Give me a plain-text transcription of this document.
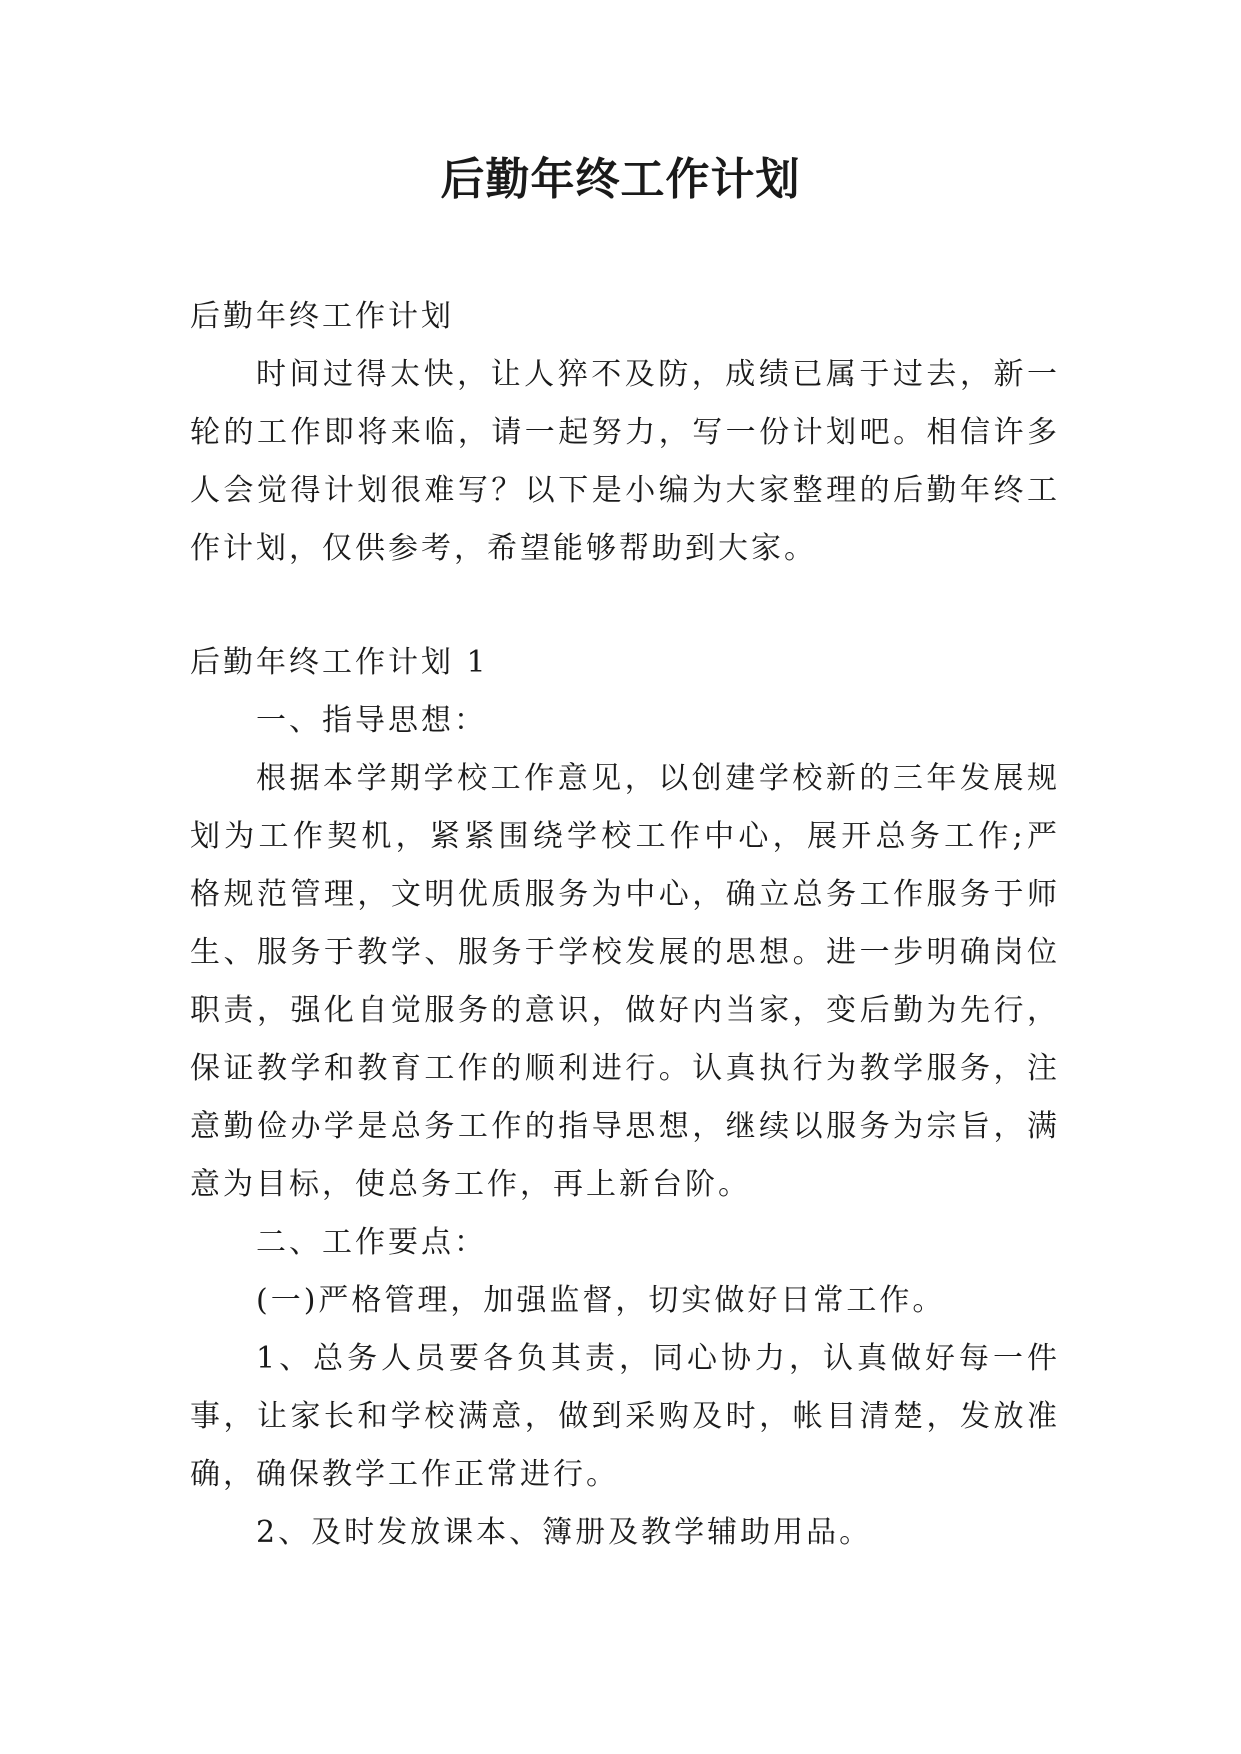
后勤年终工作计划

后勤年终工作计划

时间过得太快，让人猝不及防，成绩已属于过去，新一轮的工作即将来临，请一起努力，写一份计划吧。相信许多人会觉得计划很难写？以下是小编为大家整理的后勤年终工作计划，仅供参考，希望能够帮助到大家。

后勤年终工作计划 1

一、指导思想：

根据本学期学校工作意见，以创建学校新的三年发展规划为工作契机，紧紧围绕学校工作中心，展开总务工作;严格规范管理，文明优质服务为中心，确立总务工作服务于师生、服务于教学、服务于学校发展的思想。进一步明确岗位职责，强化自觉服务的意识，做好内当家，变后勤为先行，保证教学和教育工作的顺利进行。认真执行为教学服务，注意勤俭办学是总务工作的指导思想，继续以服务为宗旨，满意为目标，使总务工作，再上新台阶。

二、工作要点：

(一)严格管理，加强监督，切实做好日常工作。

1、总务人员要各负其责，同心协力，认真做好每一件事，让家长和学校满意，做到采购及时，帐目清楚，发放准确，确保教学工作正常进行。

2、及时发放课本、簿册及教学辅助用品。
